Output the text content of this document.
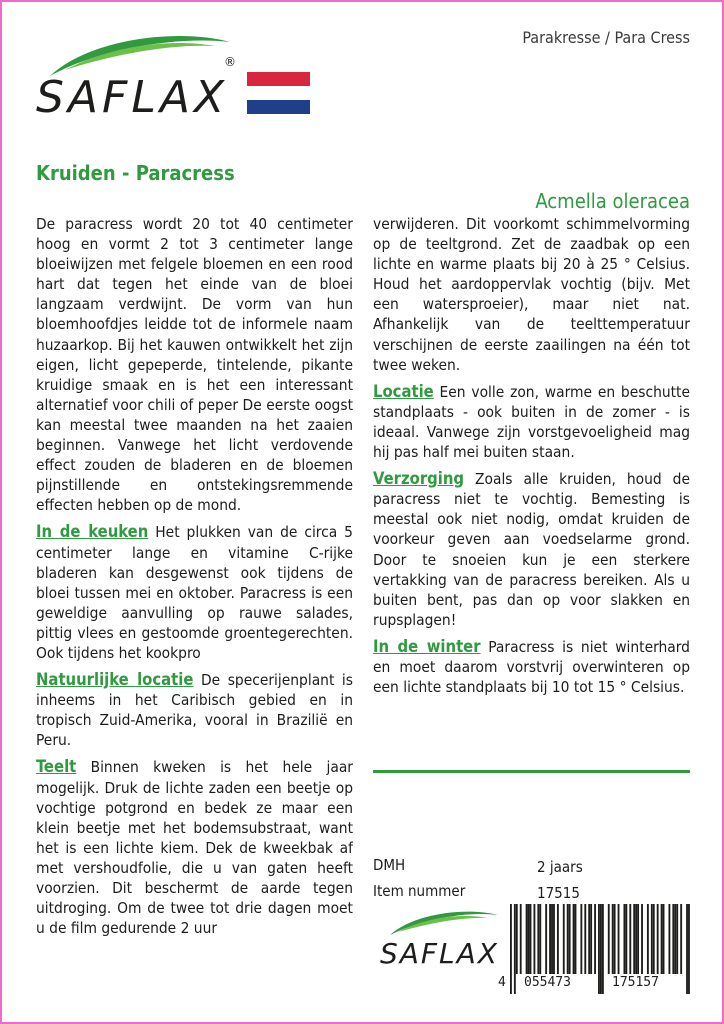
SAFLAX
®
Parakresse / Para Cress
Kruiden - Paracress
Acmella oleracea

De paracress wordt 20 tot 40 centimeter hoog en vormt 2 tot 3 centimeter lange bloeiwijzen met felgele bloemen en een rood hart dat tegen het einde van de bloei langzaam verdwijnt. De vorm van hun bloemhoofdjes leidde tot de informele naam huzaarkop. Bij het kauwen ontwikkelt het zijn eigen, licht gepeperde, tintelende, pikante kruidige smaak en is het een interessant alternatief voor chili of peper De eerste oogst kan meestal twee maanden na het zaaien beginnen. Vanwege het licht verdovende effect zouden de bladeren en de bloemen pijnstillende en ontstekingsremmende effecten hebben op de mond.

In de keuken Het plukken van de circa 5 centimeter lange en vitamine C-rijke bladeren kan desgewenst ook tijdens de bloei tussen mei en oktober. Paracress is een geweldige aanvulling op rauwe salades, pittig vlees en gestoomde groentegerechten. Ook tijdens het kookpro

Natuurlijke locatie De specerijenplant is inheems in het Caribisch gebied en in tropisch Zuid-Amerika, vooral in Brazilië en Peru.

Teelt Binnen kweken is het hele jaar mogelijk. Druk de lichte zaden een beetje op vochtige potgrond en bedek ze maar een klein beetje met het bodemsubstraat, want het is een lichte kiem. Dek de kweekbak af met vershoudfolie, die u van gaten heeft voorzien. Dit beschermt de aarde tegen uitdroging. Om de twee tot drie dagen moet u de film gedurende 2 uur

verwijderen. Dit voorkomt schimmelvorming op de teeltgrond. Zet de zaadbak op een lichte en warme plaats bij 20 à 25 ° Celsius. Houd het aardoppervlak vochtig (bijv. Met een watersproeier), maar niet nat. Afhankelijk van de teelttemperatuur verschijnen de eerste zaailingen na één tot twee weken.

Locatie Een volle zon, warme en beschutte standplaats - ook buiten in de zomer - is ideaal. Vanwege zijn vorstgevoeligheid mag hij pas half mei buiten staan.

Verzorging Zoals alle kruiden, houd de paracress niet te vochtig. Bemesting is meestal ook niet nodig, omdat kruiden de voorkeur geven aan voedselarme grond. Door te snoeien kun je een sterkere vertakking van de paracress bereiken. Als u buiten bent, pas dan op voor slakken en rupsplagen!

In de winter Paracress is niet winterhard en moet daarom vorstvrij overwinteren op een lichte standplaats bij 10 tot 15 ° Celsius.

DMH	2 jaars
Item nummer	17515
SAFLAX
4 055473	175157
